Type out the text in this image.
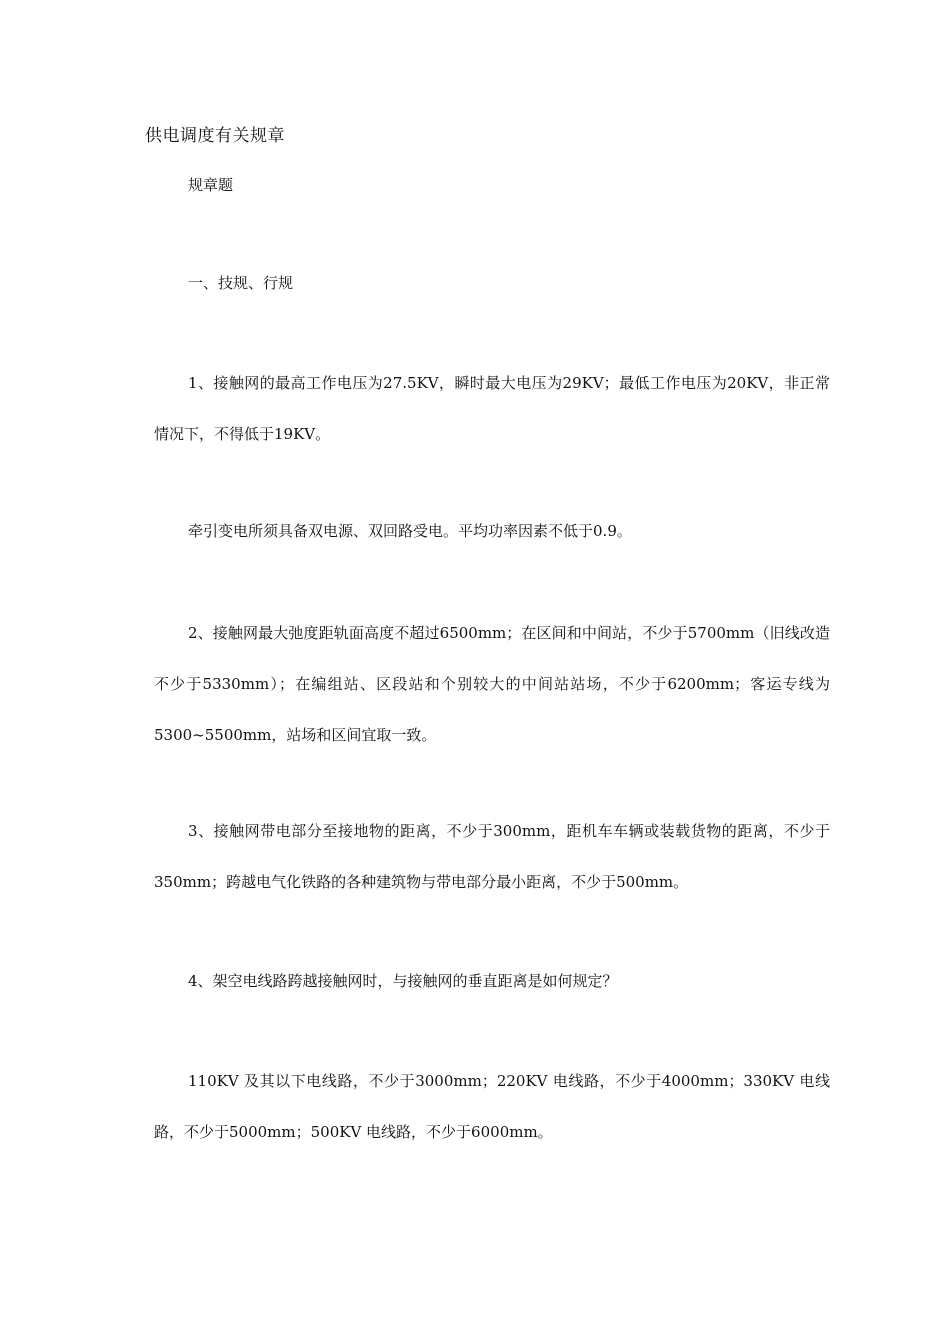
供电调度有关规章
规章题
一、技规、行规

1、接触网的最高工作电压为27.5KV，瞬时最大电压为29KV；最低工作电压为20KV，非正常情况下，不得低于19KV。

牵引变电所须具备双电源、双回路受电。平均功率因素不低于0.9。

2、接触网最大弛度距轨面高度不超过6500mm；在区间和中间站，不少于5700mm（旧线改造不少于5330mm）；在编组站、区段站和个别较大的中间站站场，不少于6200mm；客运专线为5300~5500mm，站场和区间宜取一致。

3、接触网带电部分至接地物的距离，不少于300mm，距机车车辆或装载货物的距离，不少于350mm；跨越电气化铁路的各种建筑物与带电部分最小距离，不少于500mm。

4、架空电线路跨越接触网时，与接触网的垂直距离是如何规定？

110KV 及其以下电线路，不少于3000mm；220KV 电线路，不少于4000mm；330KV 电线路，不少于5000mm；500KV 电线路，不少于6000mm。
